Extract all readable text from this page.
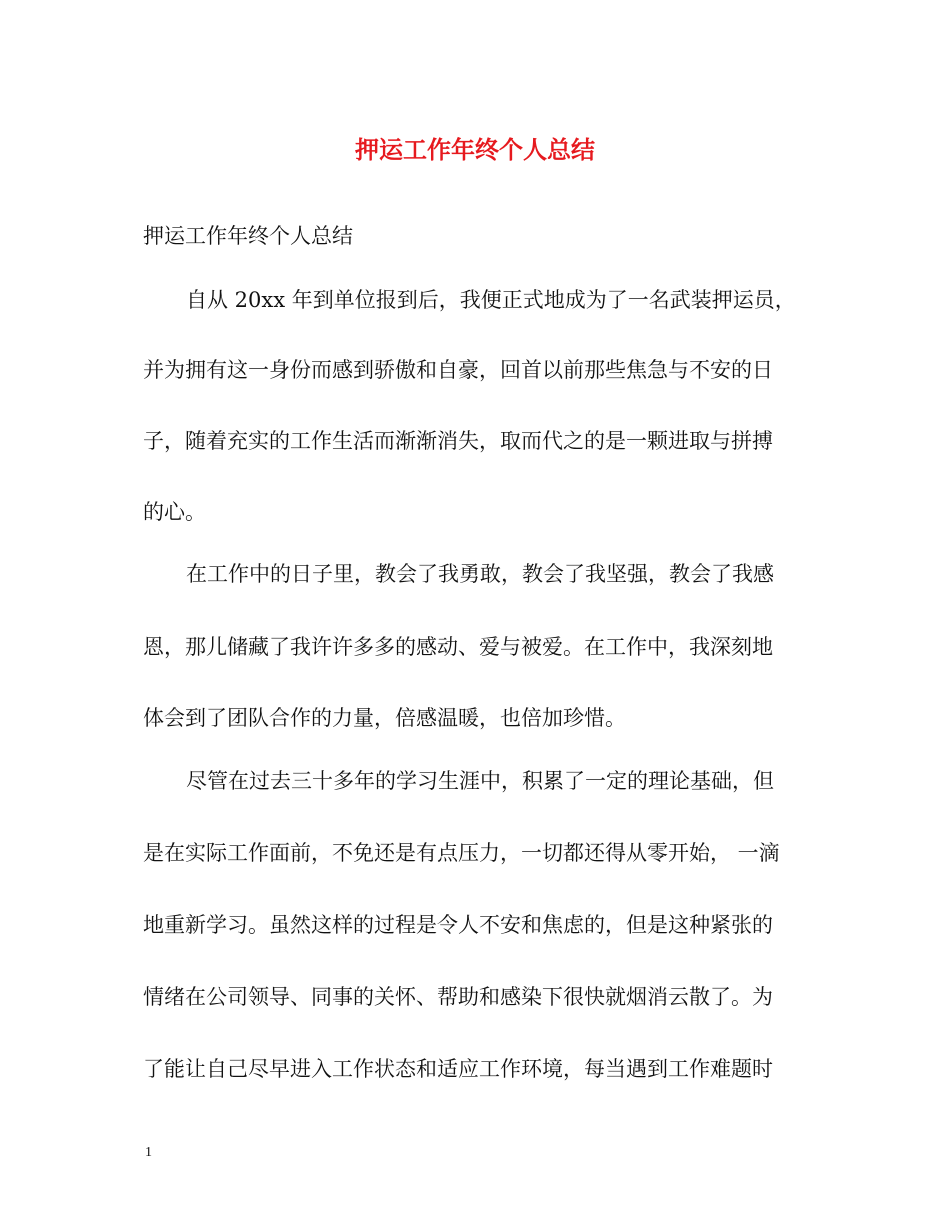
押运工作年终个人总结
押运工作年终个人总结
自从 20xx 年到单位报到后，我便正式地成为了一名武装押运员，
并为拥有这一身份而感到骄傲和自豪，回首以前那些焦急与不安的日
子，随着充实的工作生活而渐渐消失，取而代之的是一颗进取与拼搏
的心。
在工作中的日子里，教会了我勇敢，教会了我坚强，教会了我感
恩，那儿储藏了我许许多多的感动、爱与被爱。在工作中，我深刻地
体会到了团队合作的力量，倍感温暖，也倍加珍惜。
尽管在过去三十多年的学习生涯中，积累了一定的理论基础，但
是在实际工作面前，不免还是有点压力，一切都还得从零开始， 一滴
地重新学习。虽然这样的过程是令人不安和焦虑的，但是这种紧张的
情绪在公司领导、同事的关怀、帮助和感染下很快就烟消云散了。为
了能让自己尽早进入工作状态和适应工作环境，每当遇到工作难题时
1
